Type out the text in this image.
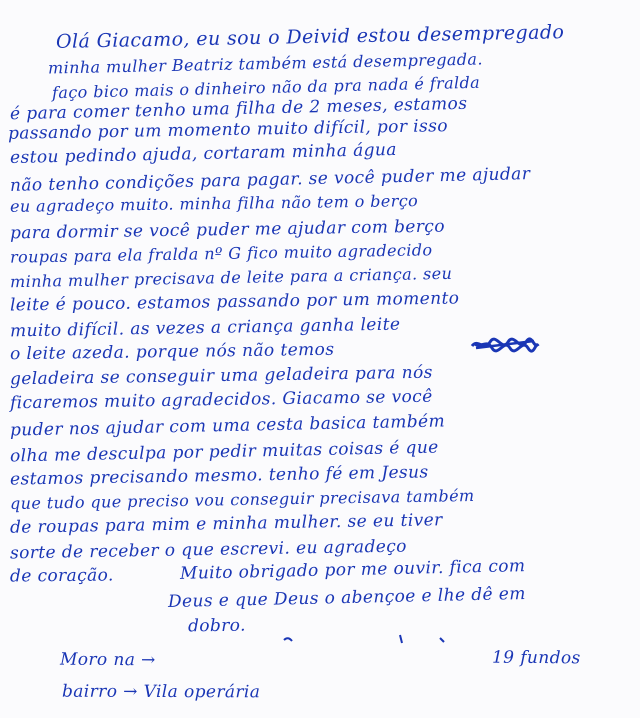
Olá Giacamo, eu sou o Deivid estou desempregado
minha mulher Beatriz também está desempregada.
faço bico mais o dinheiro não da pra nada é fralda
é para comer tenho uma filha de 2 meses, estamos
passando por um momento muito difícil, por isso
estou pedindo ajuda, cortaram minha água
não tenho condições para pagar. se você puder me ajudar
eu agradeço muito. minha filha não tem o berço
para dormir se você puder me ajudar com berço
roupas para ela fralda nº G fico muito agradecido
minha mulher precisava de leite para a criança. seu
leite é pouco. estamos passando por um momento
muito difícil. as vezes a criança ganha leite
o leite azeda. porque nós não temos
geladeira se conseguir uma geladeira para nós
ficaremos muito agradecidos. Giacamo se você
puder nos ajudar com uma cesta basica também
olha me desculpa por pedir muitas coisas é que
estamos precisando mesmo. tenho fé em Jesus
que tudo que preciso vou conseguir precisava também
de roupas para mim e minha mulher. se eu tiver
sorte de receber o que escrevi. eu agradeço
de coração.	Muito obrigado por me ouvir. fica com
Deus e que Deus o abençoe e lhe dê em
dobro.
Moro na →	19 fundos
bairro → Vila operária
